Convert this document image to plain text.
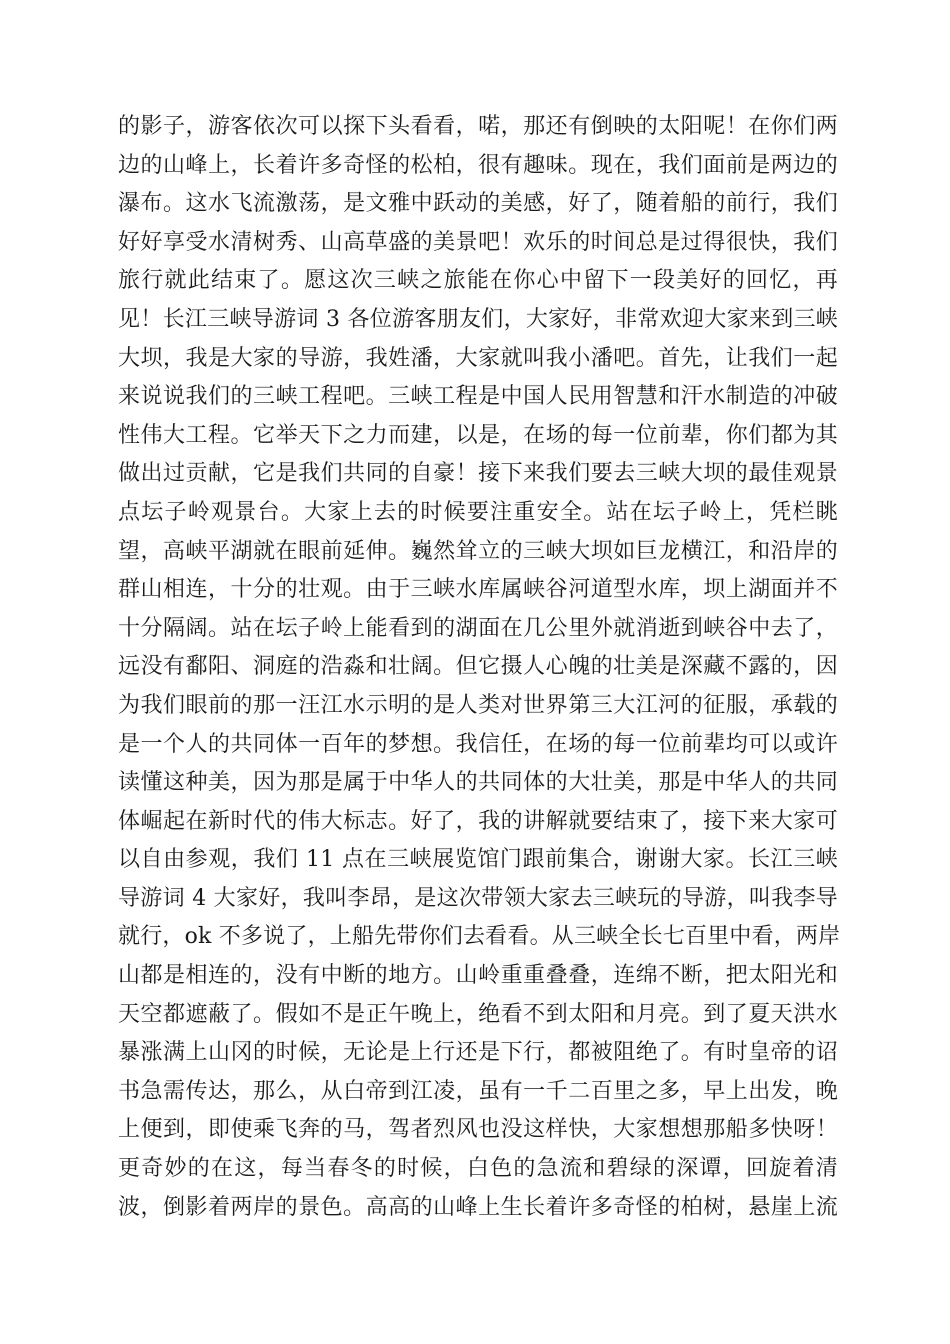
的影子，游客依次可以探下头看看，喏，那还有倒映的太阳呢！在你们两
边的山峰上，长着许多奇怪的松柏，很有趣味。现在，我们面前是两边的
瀑布。这水飞流激荡，是文雅中跃动的美感，好了，随着船的前行，我们
好好享受水清树秀、山高草盛的美景吧！欢乐的时间总是过得很快，我们
旅行就此结束了。愿这次三峡之旅能在你心中留下一段美好的回忆，再
见！长江三峡导游词 3 各位游客朋友们，大家好，非常欢迎大家来到三峡
大坝，我是大家的导游，我姓潘，大家就叫我小潘吧。首先，让我们一起
来说说我们的三峡工程吧。三峡工程是中国人民用智慧和汗水制造的冲破
性伟大工程。它举天下之力而建，以是，在场的每一位前辈，你们都为其
做出过贡献，它是我们共同的自豪！接下来我们要去三峡大坝的最佳观景
点坛子岭观景台。大家上去的时候要注重安全。站在坛子岭上，凭栏眺
望，高峡平湖就在眼前延伸。巍然耸立的三峡大坝如巨龙横江，和沿岸的
群山相连，十分的壮观。由于三峡水库属峡谷河道型水库，坝上湖面并不
十分隔阔。站在坛子岭上能看到的湖面在几公里外就消逝到峡谷中去了，
远没有鄱阳、洞庭的浩淼和壮阔。但它摄人心魄的壮美是深藏不露的，因
为我们眼前的那一汪江水示明的是人类对世界第三大江河的征服，承载的
是一个人的共同体一百年的梦想。我信任，在场的每一位前辈均可以或许
读懂这种美，因为那是属于中华人的共同体的大壮美，那是中华人的共同
体崛起在新时代的伟大标志。好了，我的讲解就要结束了，接下来大家可
以自由参观，我们 11 点在三峡展览馆门跟前集合，谢谢大家。长江三峡
导游词 4 大家好，我叫李昂，是这次带领大家去三峡玩的导游，叫我李导
就行，ok 不多说了，上船先带你们去看看。从三峡全长七百里中看，两岸
山都是相连的，没有中断的地方。山岭重重叠叠，连绵不断，把太阳光和
天空都遮蔽了。假如不是正午晚上，绝看不到太阳和月亮。到了夏天洪水
暴涨满上山冈的时候，无论是上行还是下行，都被阻绝了。有时皇帝的诏
书急需传达，那么，从白帝到江凌，虽有一千二百里之多，早上出发，晚
上便到，即使乘飞奔的马，驾者烈风也没这样快，大家想想那船多快呀！
更奇妙的在这，每当春冬的时候，白色的急流和碧绿的深谭，回旋着清
波，倒影着两岸的景色。高高的山峰上生长着许多奇怪的柏树，悬崖上流
